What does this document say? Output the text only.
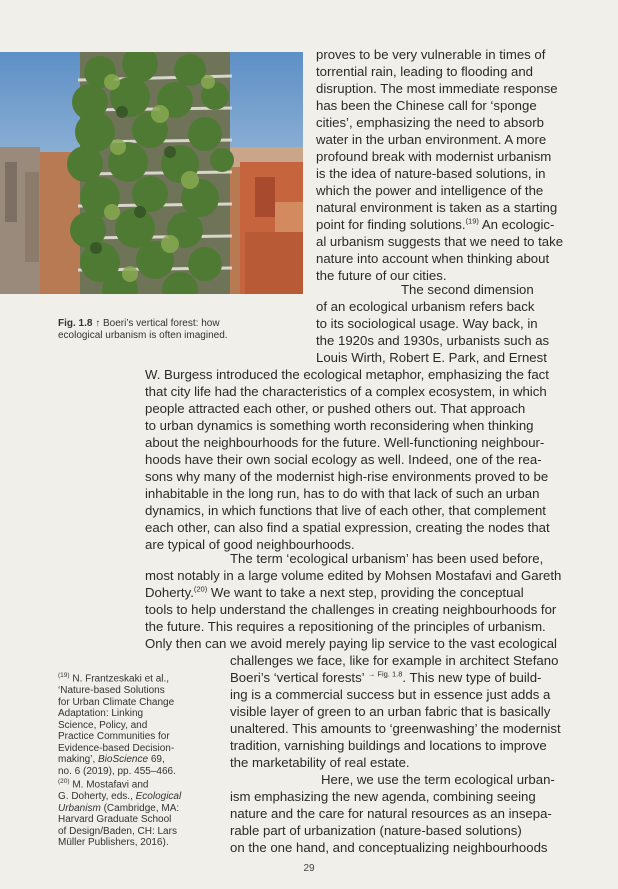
Fig. 1.8 ↑ Boeri’s vertical forest: how
ecological urbanism is often imagined.
proves to be very vulnerable in times of
torrential rain, leading to flooding and
disruption. The most immediate response
has been the Chinese call for ‘sponge
cities’, emphasizing the need to absorb
water in the urban environment. A more
profound break with modernist urbanism
is the idea of nature-based solutions, in
which the power and intelligence of the
natural environment is taken as a starting
point for finding solutions.$^{(19)}$ An ecologic-
al urbanism suggests that we need to take
nature into account when thinking about
the future of our cities.
The second dimension
of an ecological urbanism refers back
to its sociological usage. Way back, in
the 1920s and 1930s, urbanists such as
Louis Wirth, Robert E. Park, and Ernest
W. Burgess introduced the ecological metaphor, emphasizing the fact
that city life had the characteristics of a complex ecosystem, in which
people attracted each other, or pushed others out. That approach
to urban dynamics is something worth reconsidering when thinking
about the neighbourhoods for the future. Well-functioning neighbour-
hoods have their own social ecology as well. Indeed, one of the rea-
sons why many of the modernist high-rise environments proved to be
inhabitable in the long run, has to do with that lack of such an urban
dynamics, in which functions that live of each other, that complement
each other, can also find a spatial expression, creating the nodes that
are typical of good neighbourhoods.
The term ‘ecological urbanism’ has been used before,
most notably in a large volume edited by Mohsen Mostafavi and Gareth
Doherty.$^{(20)}$ We want to take a next step, providing the conceptual
tools to help understand the challenges in creating neighbourhoods for
the future. This requires a repositioning of the principles of urbanism.
Only then can we avoid merely paying lip service to the vast ecological
challenges we face, like for example in architect Stefano
Boeri’s ‘vertical forests’ $^{\to Fig. 1.8}$. This new type of build-
ing is a commercial success but in essence just adds a
visible layer of green to an urban fabric that is basically
unaltered. This amounts to ‘greenwashing’ the modernist
tradition, varnishing buildings and locations to improve
the marketability of real estate.
Here, we use the term ecological urban-
ism emphasizing the new agenda, combining seeing
nature and the care for natural resources as an insepa-
rable part of urbanization (nature-based solutions)
on the one hand, and conceptualizing neighbourhoods
$^{(19)}$ N. Frantzeskaki et al.,
‘Nature-based Solutions
for Urban Climate Change
Adaptation: Linking
Science, Policy, and
Practice Communities for
Evidence-based Decision-
making’, BioScience 69,
no. 6 (2019), pp. 455–466.
$^{(20)}$ M. Mostafavi and
G. Doherty, eds., Ecological
Urbanism (Cambridge, MA:
Harvard Graduate School
of Design/Baden, CH: Lars
Müller Publishers, 2016).
29
